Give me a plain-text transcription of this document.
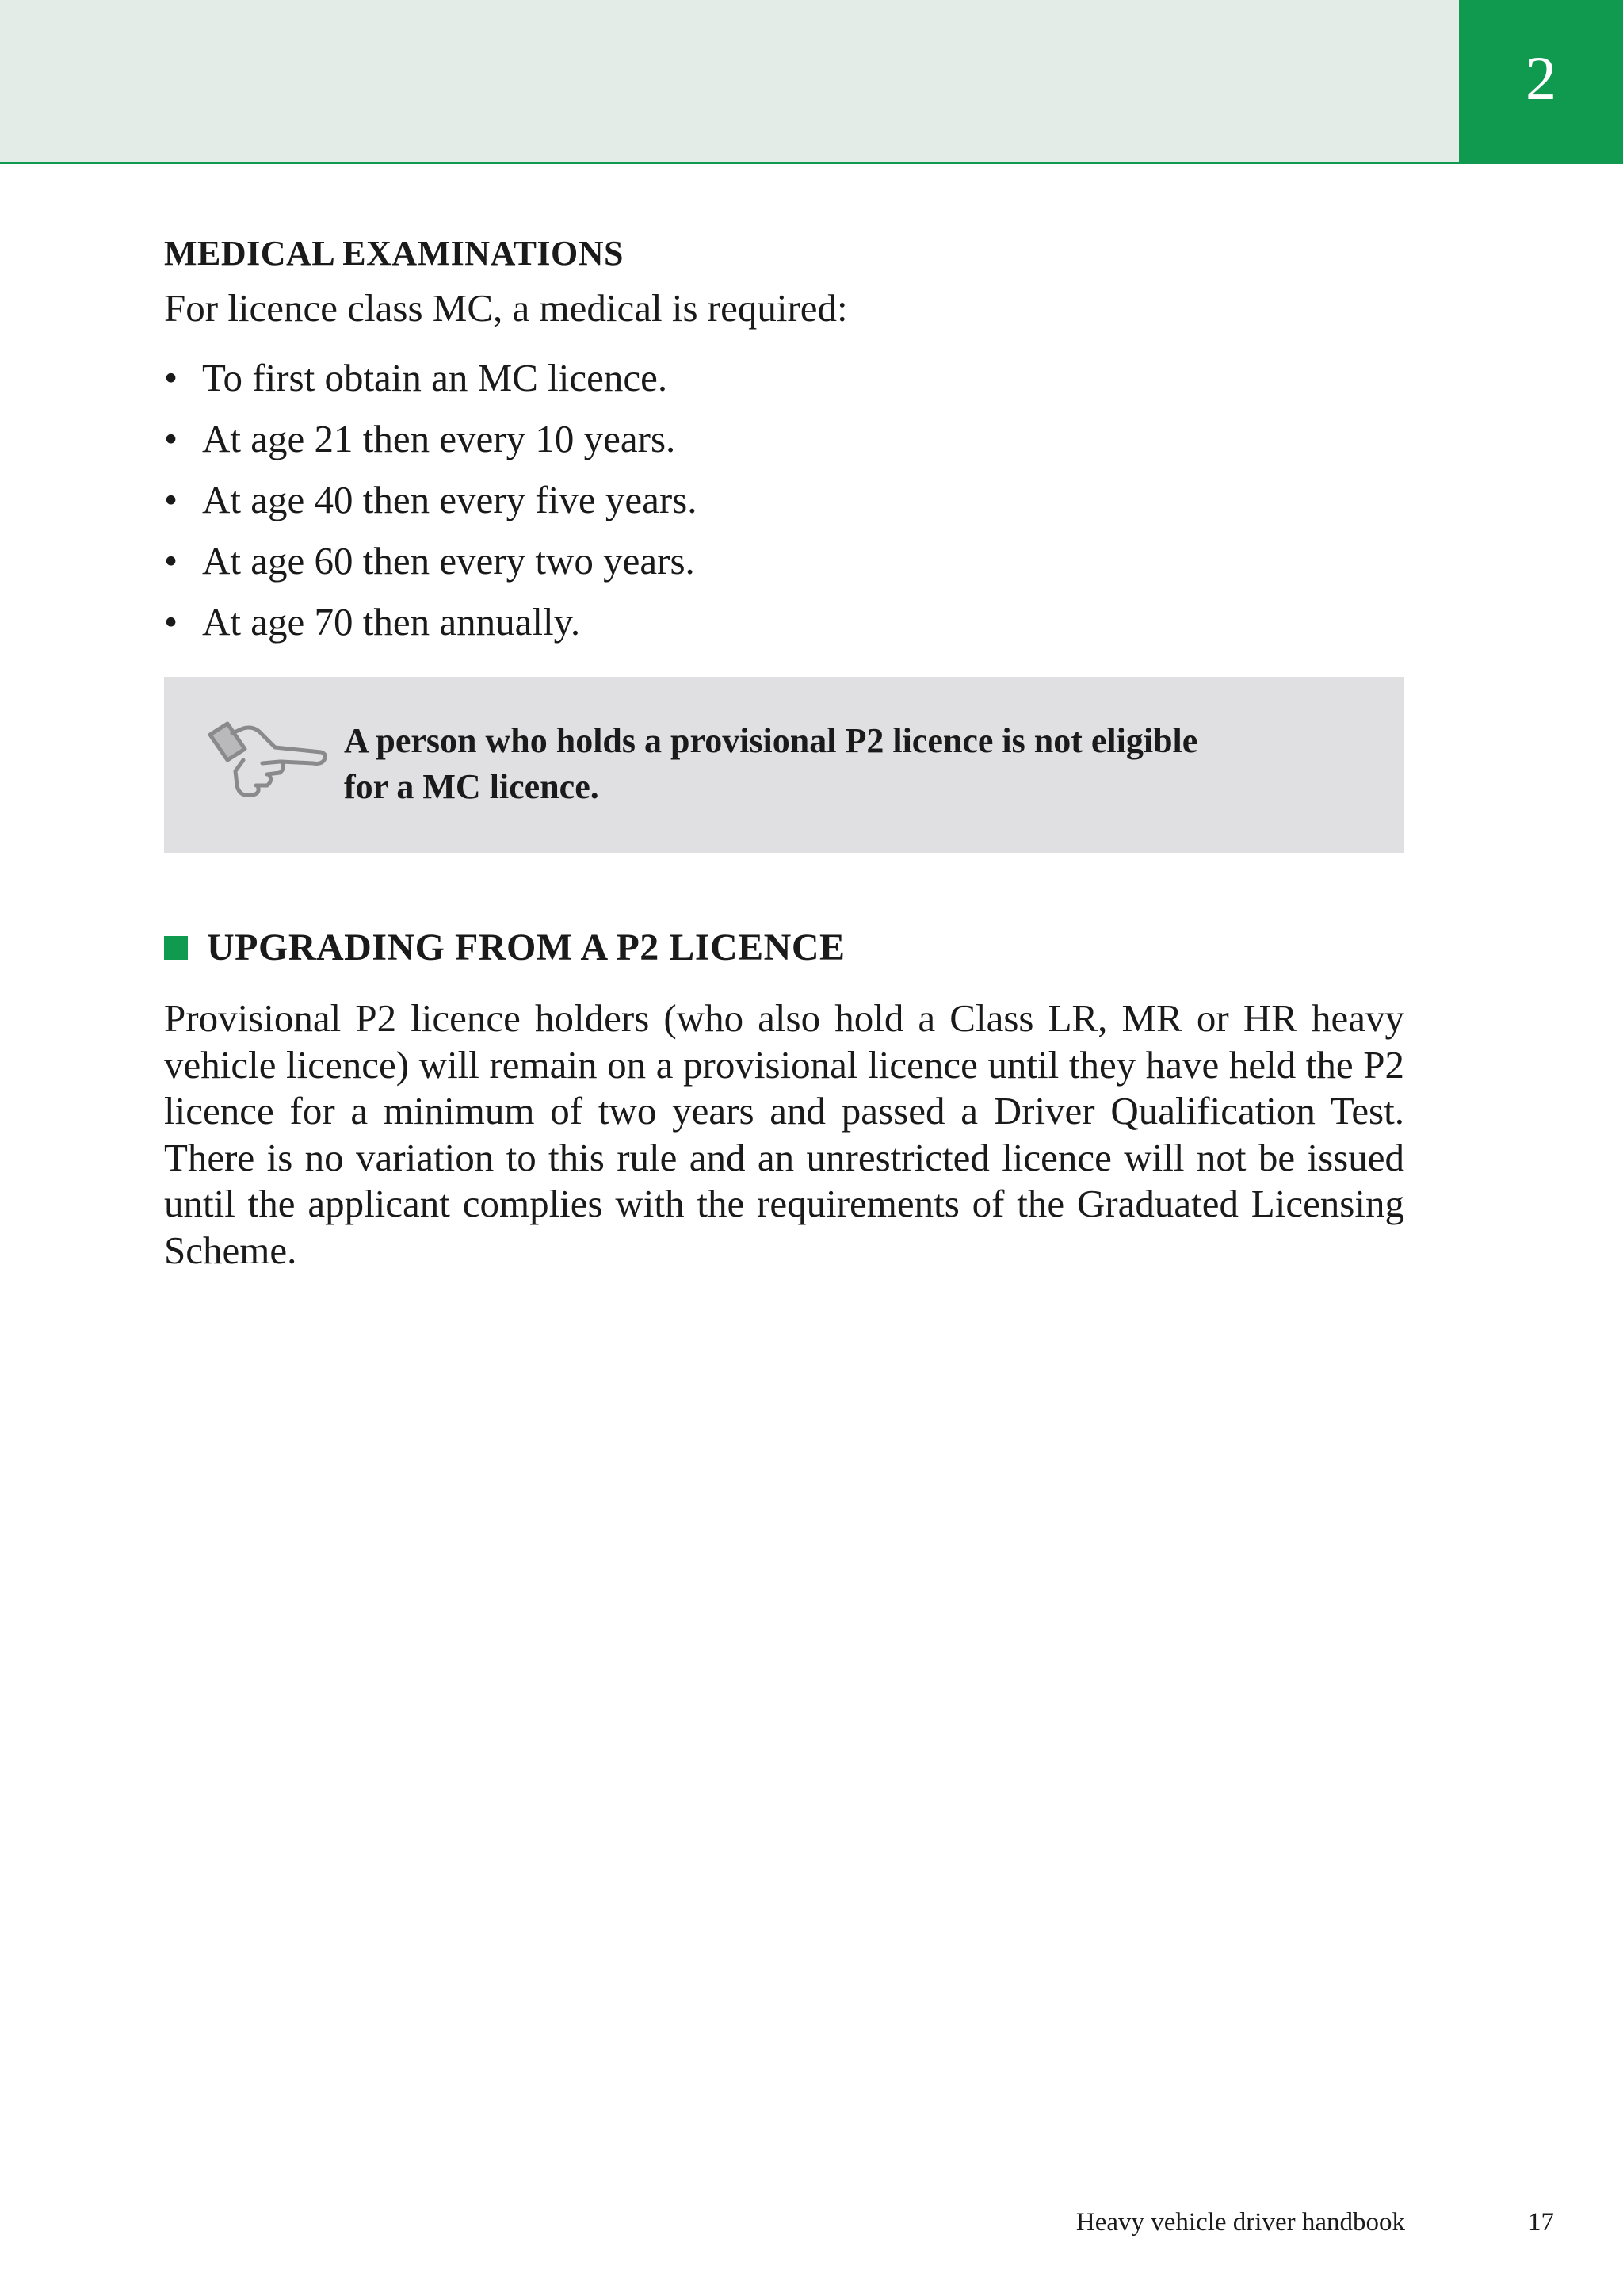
2
MEDICAL EXAMINATIONS

For licence class MC, a medical is required:

• To first obtain an MC licence.
• At age 21 then every 10 years.
• At age 40 then every five years.
• At age 60 then every two years.
• At age 70 then annually.

A person who holds a provisional P2 licence is not eligible
for a MC licence.

UPGRADING FROM A P2 LICENCE

Provisional P2 licence holders (who also hold a Class LR, MR or HR heavy vehicle licence) will remain on a provisional licence until they have held the P2 licence for a minimum of two years and passed a Driver Qualification Test. There is no variation to this rule and an unrestricted licence will not be issued until the applicant complies with the requirements of the Graduated Licensing Scheme.

Heavy vehicle driver handbook	17
